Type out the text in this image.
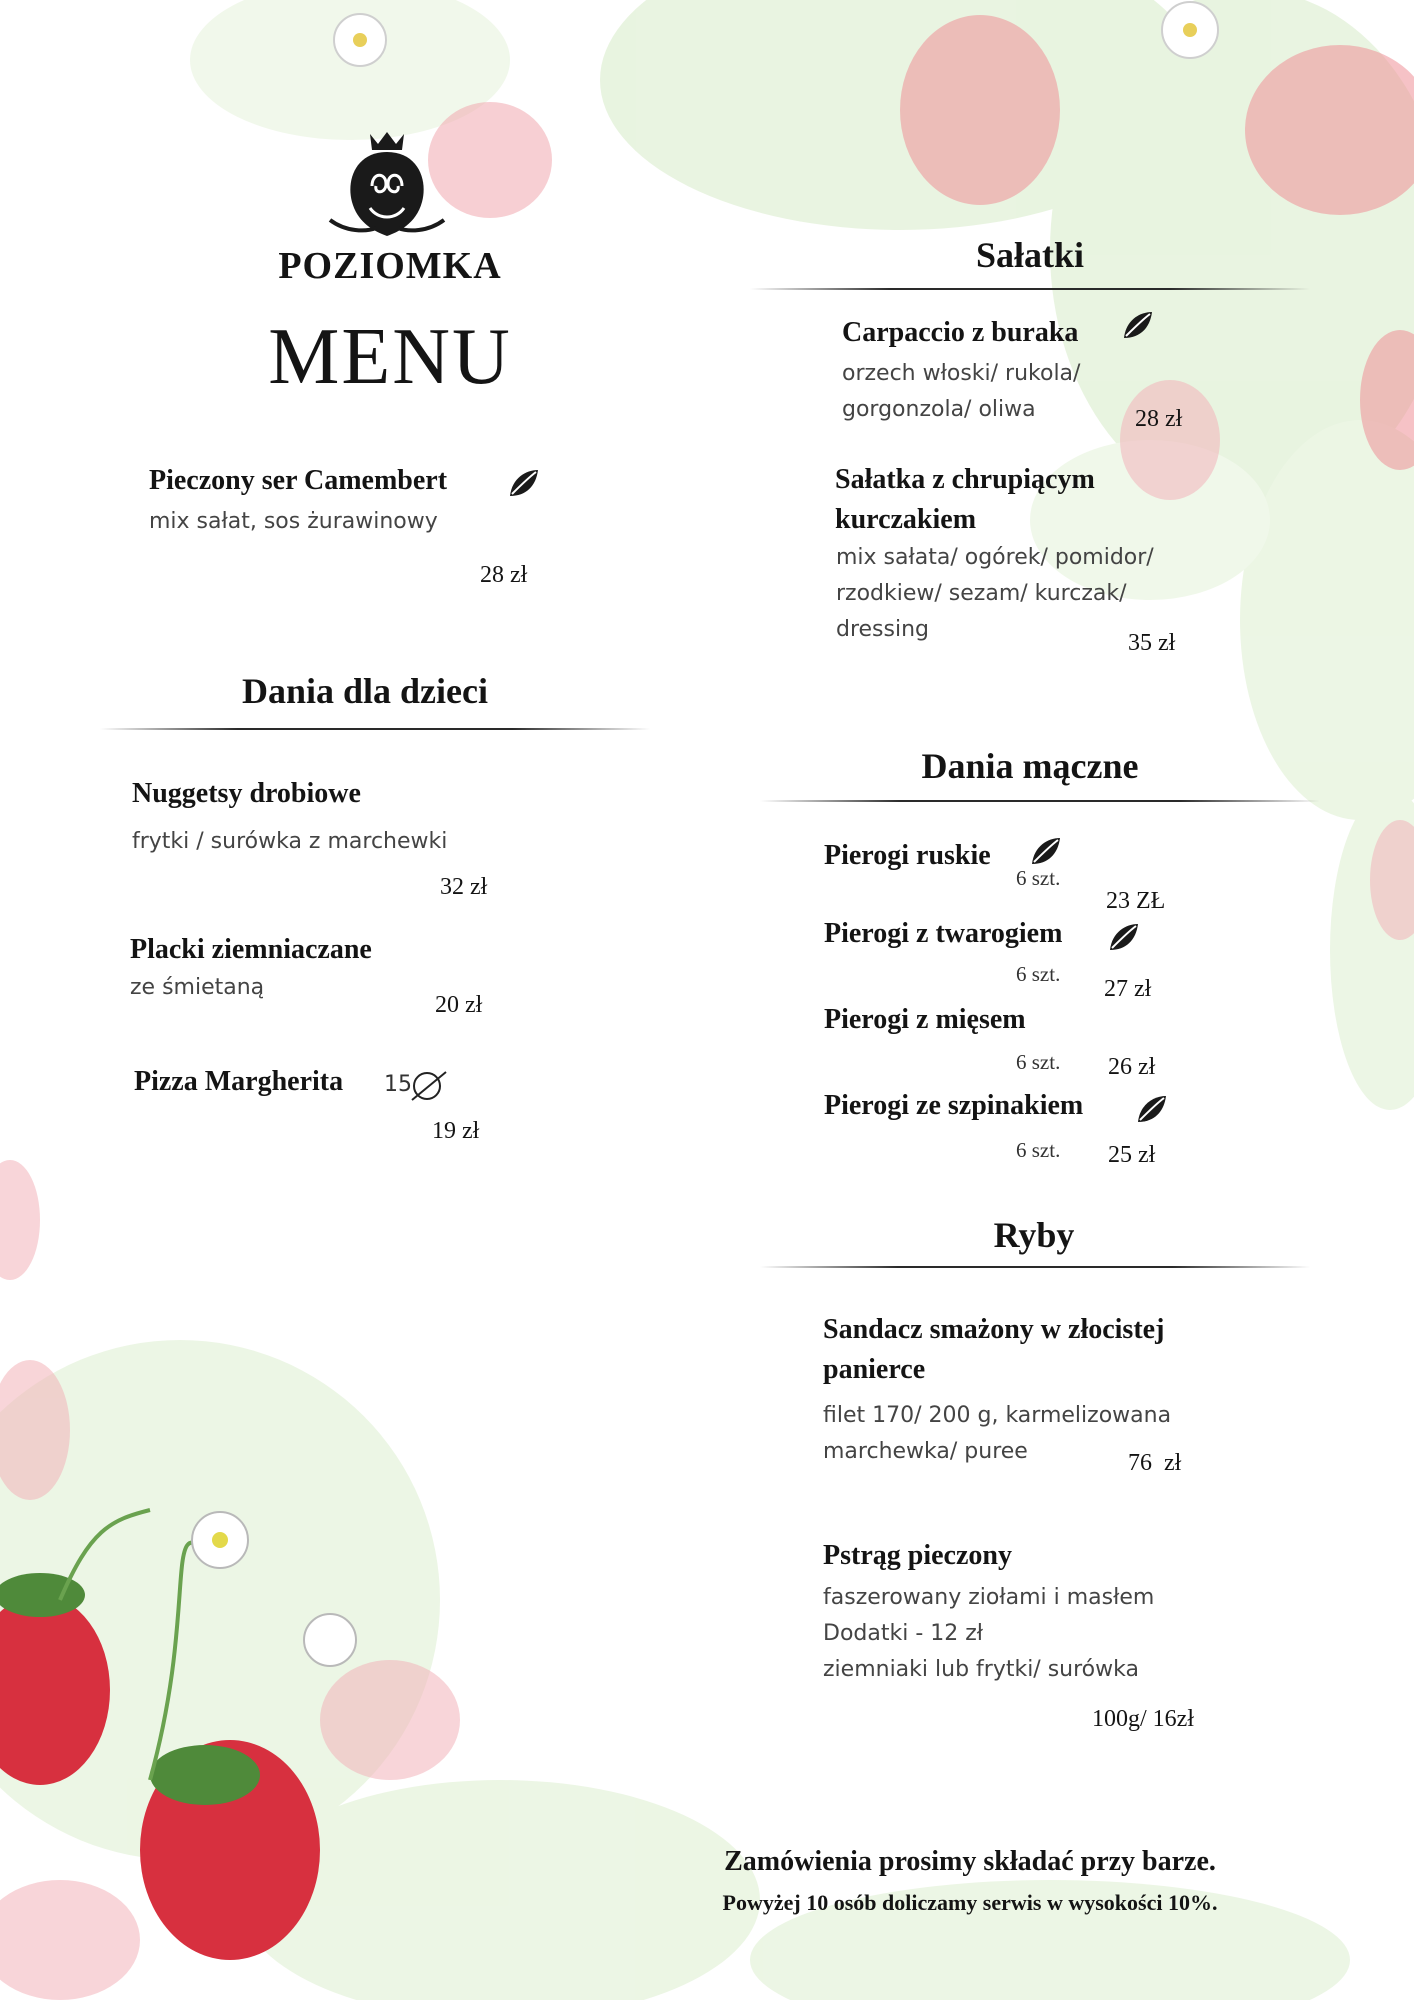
POZIOMKA
MENU
Pieczony ser Camembert
mix sałat, sos żurawinowy
28 zł
Dania dla dzieci
Nuggetsy drobiowe
frytki / surówka z marchewki
32 zł
Placki ziemniaczane
ze śmietaną
20 zł
Pizza Margherita 15
19 zł
Sałatki
Carpaccio z buraka
orzech włoski/ rukola/
gorgonzola/ oliwa	28 zł
Sałatka z chrupiącym
kurczakiem
mix sałata/ ogórek/ pomidor/
rzodkiew/ sezam/ kurczak/
dressing
35 zł
Dania mączne
Pierogi ruskie
6 szt.
23 ZŁ
Pierogi z twarogiem
6 szt.
27 zł
Pierogi z mięsem
6 szt. 26 zł
Pierogi ze szpinakiem
6 szt. 25 zł
Ryby
Sandacz smażony w złocistej
panierce
filet 170/ 200 g, karmelizowana
marchewka/ puree	76  zł
Pstrąg pieczony
faszerowany ziołami i masłem
Dodatki - 12 zł
ziemniaki lub frytki/ surówka
100g/ 16zł
Zamówienia prosimy składać przy barze.
Powyżej 10 osób doliczamy serwis w wysokości 10%.
